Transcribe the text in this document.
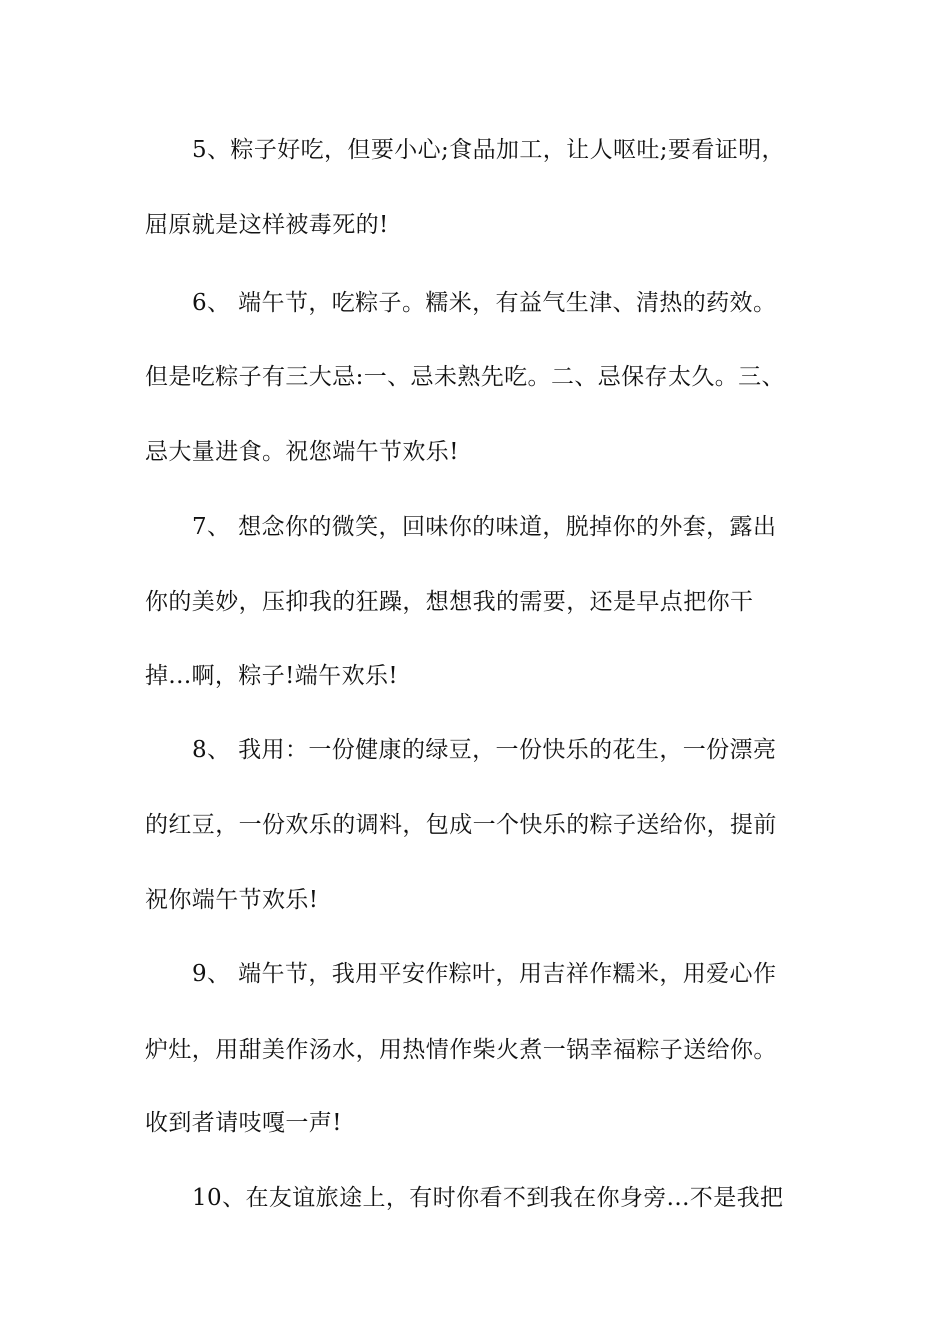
5、粽子好吃，但要小心;食品加工，让人呕吐;要看证明，
屈原就是这样被毒死的!
6、 端午节，吃粽子。糯米，有益气生津、清热的药效。
但是吃粽子有三大忌:一、忌未熟先吃。二、忌保存太久。三、
忌大量进食。祝您端午节欢乐!
7、 想念你的微笑，回味你的味道，脱掉你的外套，露出
你的美妙，压抑我的狂躁，想想我的需要，还是早点把你干
掉...啊，粽子!端午欢乐!
8、 我用：一份健康的绿豆，一份快乐的花生，一份漂亮
的红豆，一份欢乐的调料，包成一个快乐的粽子送给你，提前
祝你端午节欢乐!
9、 端午节，我用平安作粽叶，用吉祥作糯米，用爱心作
炉灶，用甜美作汤水，用热情作柴火煮一锅幸福粽子送给你。
收到者请吱嘎一声!
10、在友谊旅途上，有时你看不到我在你身旁...不是我把
